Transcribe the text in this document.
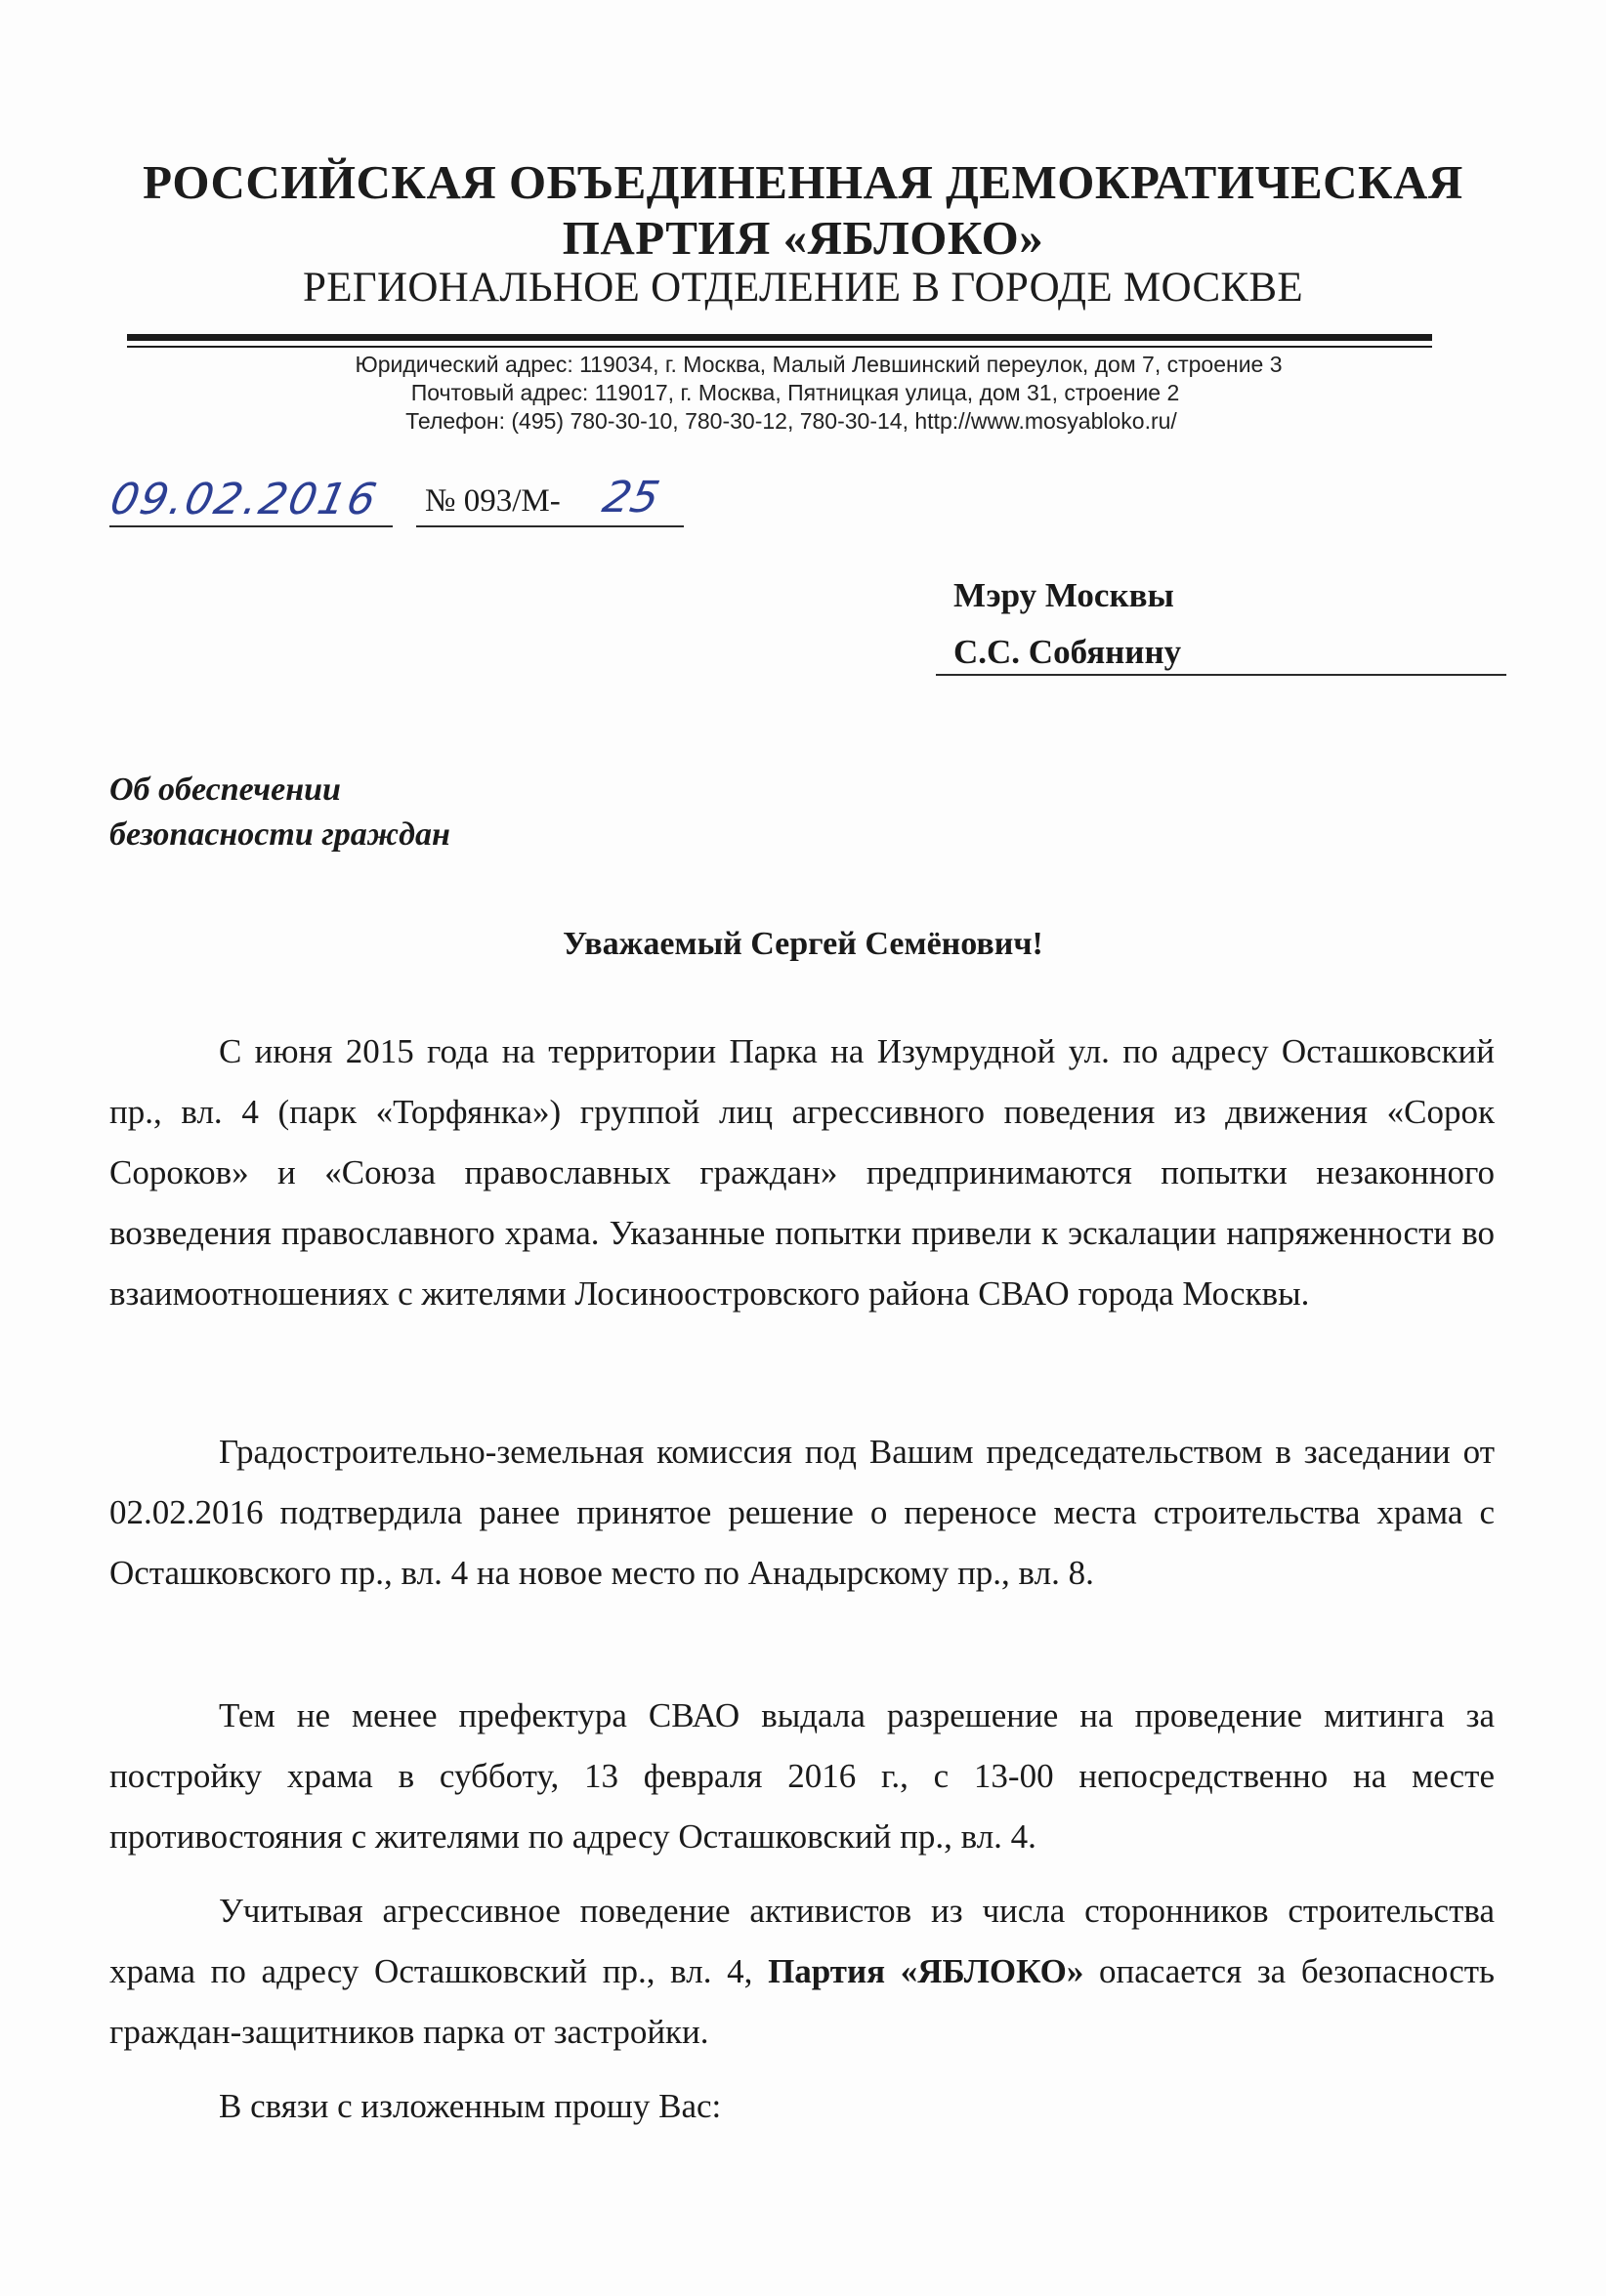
РОССИЙСКАЯ ОБЪЕДИНЕННАЯ ДЕМОКРАТИЧЕСКАЯ
ПАРТИЯ «ЯБЛОКО»
РЕГИОНАЛЬНОЕ ОТДЕЛЕНИЕ В ГОРОДЕ МОСКВЕ
Юридический адрес: 119034, г. Москва, Малый Левшинский переулок, дом 7, строение 3
Почтовый адрес: 119017, г. Москва, Пятницкая улица, дом 31, строение 2
Телефон: (495) 780-30-10, 780-30-12, 780-30-14, http://www.mosyabloko.ru/
09.02.2016 № 093/М- 25
Мэру Москвы
С.С. Собянину
Об обеспечении
безопасности граждан
Уважаемый Сергей Семёнович!

С июня 2015 года на территории Парка на Изумрудной ул. по адресу Осташковский пр., вл. 4 (парк «Торфянка») группой лиц агрессивного поведения из движения «Сорок Сороков» и «Союза православных граждан» предпринимаются попытки незаконного возведения православного храма. Указанные попытки привели к эскалации напряженности во взаимоотношениях с жителями Лосиноостровского района СВАО города Москвы.

Градостроительно-земельная комиссия под Вашим председательством в заседании от 02.02.2016 подтвердила ранее принятое решение о переносе места строительства храма с Осташковского пр., вл. 4 на новое место по Анадырскому пр., вл. 8.

Тем не менее префектура СВАО выдала разрешение на проведение митинга за постройку храма в субботу, 13 февраля 2016 г., с 13-00 непосредственно на месте противостояния с жителями по адресу Осташковский пр., вл. 4.

Учитывая агрессивное поведение активистов из числа сторонников строительства храма по адресу Осташковский пр., вл. 4, Партия «ЯБЛОКО» опасается за безопасность граждан-защитников парка от застройки.

В связи с изложенным прошу Вас:
